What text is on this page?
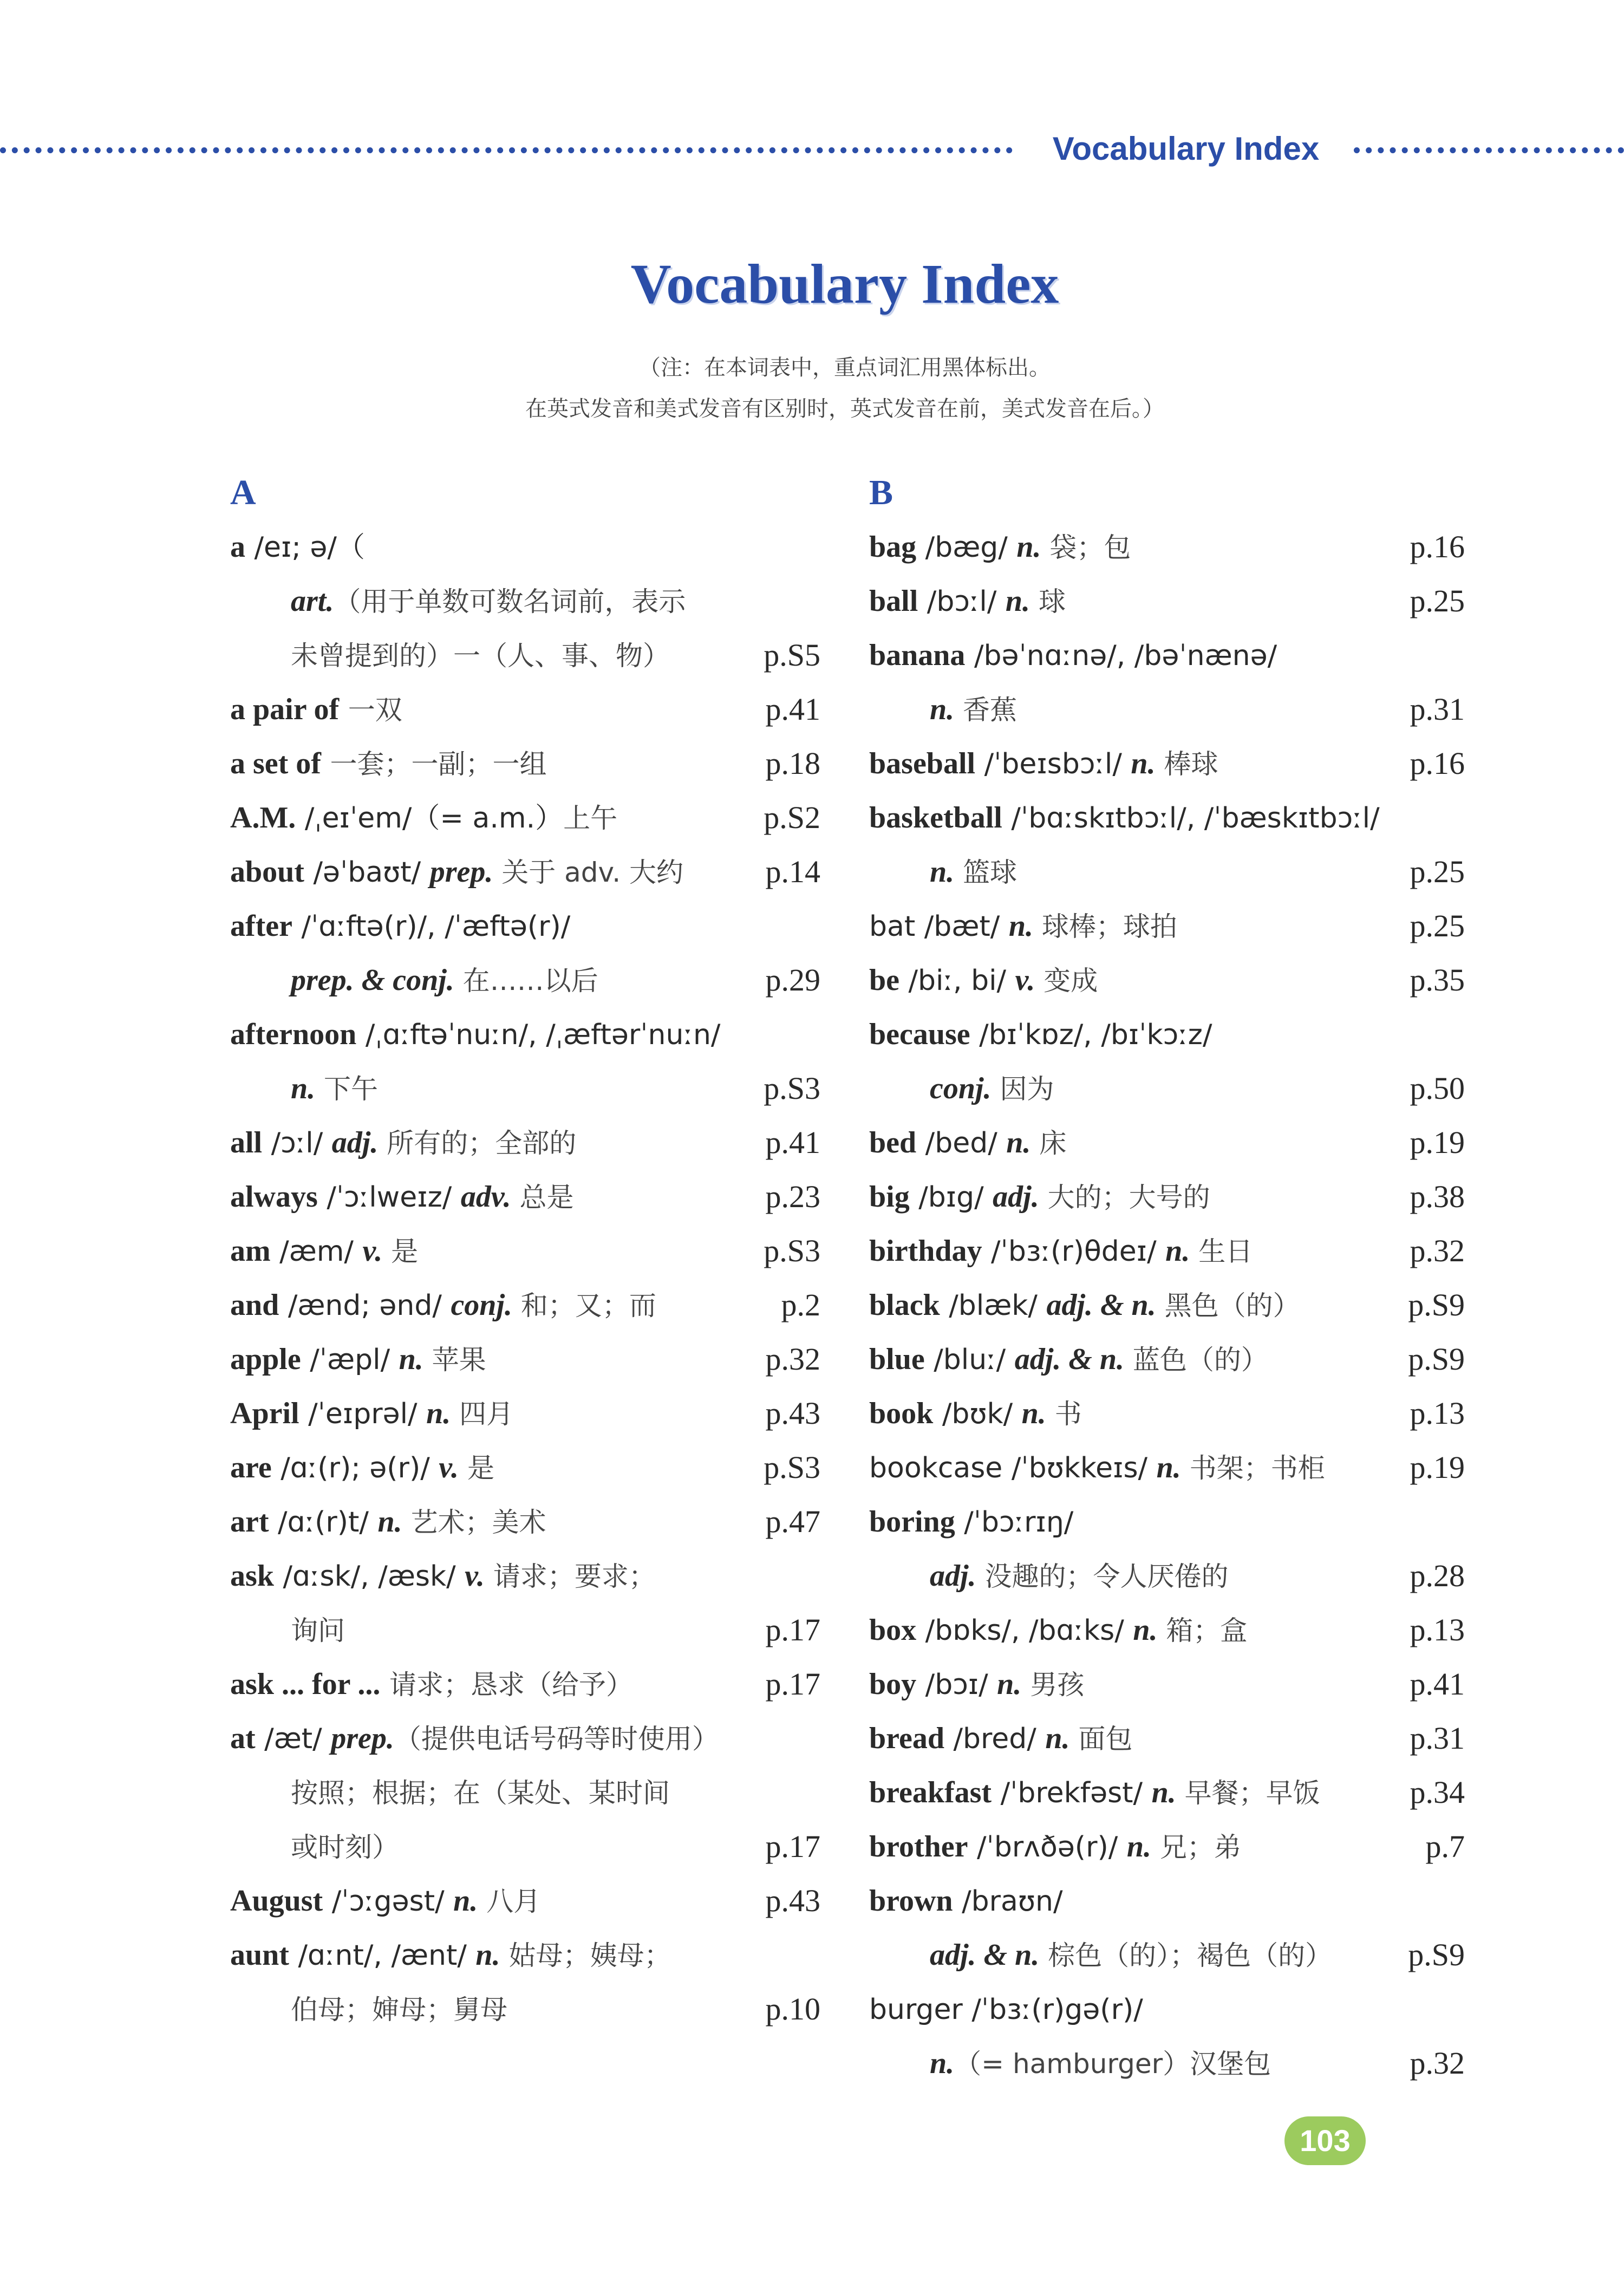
Vocabulary Index
Vocabulary Index
（注：在本词表中，重点词汇用黑体标出。
在英式发音和美式发音有区别时，英式发音在前，美式发音在后。）
A
a /eɪ; ə/（
art.（用于单数可数名词前，表示
未曾提到的）一（人、事、物）	p.S5
a pair of 一双	p.41
a set of 一套；一副；一组	p.18
A.M. /ˌeɪˈem/（= a.m.）上午	p.S2
about /əˈbaʊt/ prep. 关于 adv. 大约	p.14
after /ˈɑːftə(r)/, /ˈæftə(r)/
prep. & conj. 在……以后	p.29
afternoon /ˌɑːftəˈnuːn/, /ˌæftərˈnuːn/
n. 下午	p.S3
all /ɔːl/ adj. 所有的；全部的	p.41
always /ˈɔːlweɪz/ adv. 总是	p.23
am /æm/ v. 是	p.S3
and /ænd; ənd/ conj. 和；又；而	p.2
apple /ˈæpl/ n. 苹果	p.32
April /ˈeɪprəl/ n. 四月	p.43
are /ɑː(r); ə(r)/ v. 是	p.S3
art /ɑː(r)t/ n. 艺术；美术	p.47
ask /ɑːsk/, /æsk/ v. 请求；要求；
询问	p.17
ask ... for ... 请求；恳求（给予）	p.17
at /æt/ prep.（提供电话号码等时使用）
按照；根据；在（某处、某时间
或时刻）	p.17
August /ˈɔːgəst/ n. 八月	p.43
aunt /ɑːnt/, /ænt/ n. 姑母；姨母；
伯母；婶母；舅母	p.10
B
bag /bæg/ n. 袋；包	p.16
ball /bɔːl/ n. 球	p.25
banana /bəˈnɑːnə/, /bəˈnænə/
n. 香蕉	p.31
baseball /ˈbeɪsbɔːl/ n. 棒球	p.16
basketball /ˈbɑːskɪtbɔːl/, /ˈbæskɪtbɔːl/
n. 篮球	p.25
bat /bæt/ n. 球棒；球拍	p.25
be /biː, bi/ v. 变成	p.35
because /bɪˈkɒz/, /bɪˈkɔːz/
conj. 因为	p.50
bed /bed/ n. 床	p.19
big /bɪg/ adj. 大的；大号的	p.38
birthday /ˈbɜː(r)θdeɪ/ n. 生日	p.32
black /blæk/ adj. & n. 黑色（的）	p.S9
blue /bluː/ adj. & n. 蓝色（的）	p.S9
book /bʊk/ n. 书	p.13
bookcase /ˈbʊkkeɪs/ n. 书架；书柜	p.19
boring /ˈbɔːrɪŋ/
adj. 没趣的；令人厌倦的	p.28
box /bɒks/, /bɑːks/ n. 箱；盒	p.13
boy /bɔɪ/ n. 男孩	p.41
bread /bred/ n. 面包	p.31
breakfast /ˈbrekfəst/ n. 早餐；早饭	p.34
brother /ˈbrʌðə(r)/ n. 兄；弟	p.7
brown /braʊn/
adj. & n. 棕色（的）；褐色（的） p.S9
burger /ˈbɜː(r)gə(r)/
n.（= hamburger）汉堡包	p.32
103
